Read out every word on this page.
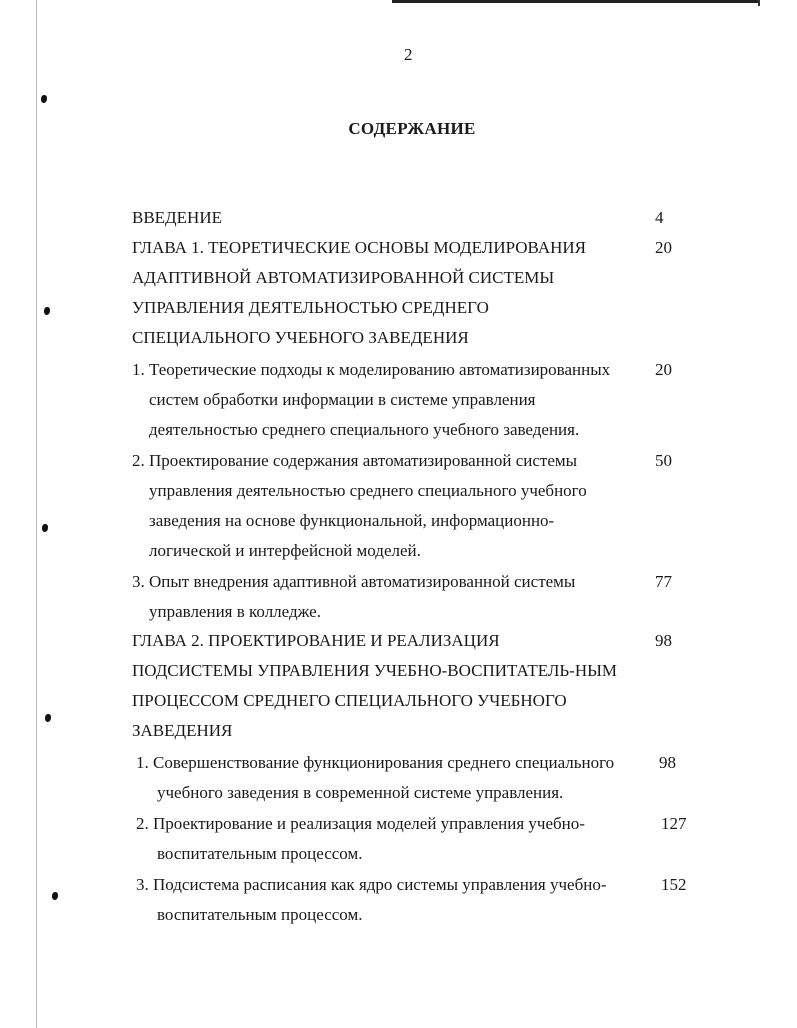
2
СОДЕРЖАНИЕ
ВВЕДЕНИЕ	4
ГЛАВА 1. ТЕОРЕТИЧЕСКИЕ ОСНОВЫ МОДЕЛИРОВАНИЯ
АДАПТИВНОЙ АВТОМАТИЗИРОВАННОЙ СИСТЕМЫ
УПРАВЛЕНИЯ ДЕЯТЕЛЬНОСТЬЮ СРЕДНЕГО
СПЕЦИАЛЬНОГО УЧЕБНОГО ЗАВЕДЕНИЯ
20
1. Теоретические подходы к моделированию автоматизированных
систем обработки информации в системе управления
деятельностью среднего специального учебного заведения.
20
2. Проектирование содержания автоматизированной системы
управления деятельностью среднего специального учебного
заведения на основе функциональной, информационно-
логической и интерфейсной моделей.
50
3. Опыт внедрения адаптивной автоматизированной системы
управления в колледже.
77
ГЛАВА 2. ПРОЕКТИРОВАНИЕ И РЕАЛИЗАЦИЯ
ПОДСИСТЕМЫ УПРАВЛЕНИЯ УЧЕБНО-ВОСПИТАТЕЛЬ-НЫМ
ПРОЦЕССОМ СРЕДНЕГО СПЕЦИАЛЬНОГО УЧЕБНОГО
ЗАВЕДЕНИЯ
98
1. Совершенствование функционирования среднего специального
учебного заведения в современной системе управления.
98
2. Проектирование и реализация моделей управления учебно-
воспитательным процессом.
127
3. Подсистема расписания как ядро системы управления учебно-
воспитательным процессом.
152
